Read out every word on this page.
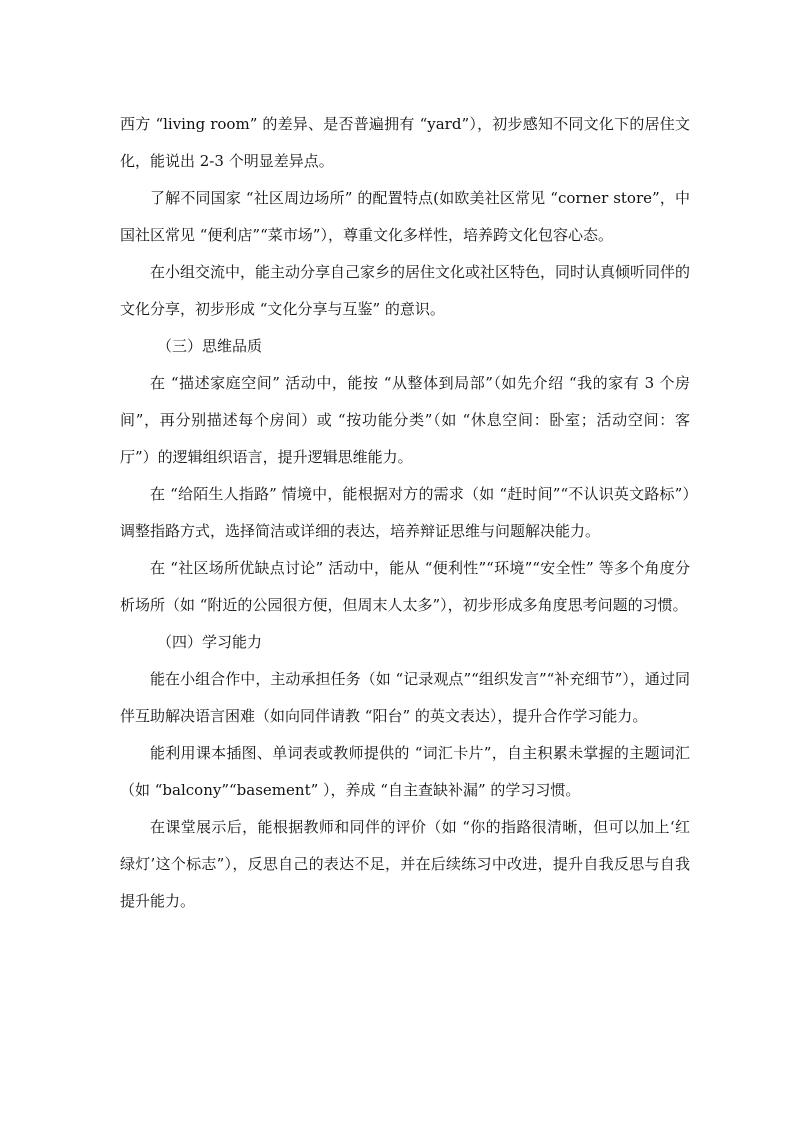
西方 “living room” 的差异、是否普遍拥有 “yard”），初步感知不同文化下的居住文化，能说出 2-3 个明显差异点。

了解不同国家 “社区周边场所” 的配置特点(如欧美社区常见 “corner store”，中国社区常见 “便利店”“菜市场”），尊重文化多样性，培养跨文化包容心态。

在小组交流中，能主动分享自己家乡的居住文化或社区特色，同时认真倾听同伴的文化分享，初步形成 “文化分享与互鉴” 的意识。

（三）思维品质

在 “描述家庭空间” 活动中，能按 “从整体到局部”（如先介绍 “我的家有 3 个房间”，再分别描述每个房间）或 “按功能分类”（如 “休息空间：卧室；活动空间：客厅”）的逻辑组织语言，提升逻辑思维能力。

在 “给陌生人指路” 情境中，能根据对方的需求（如 “赶时间”“不认识英文路标”）调整指路方式，选择简洁或详细的表达，培养辩证思维与问题解决能力。

在 “社区场所优缺点讨论” 活动中，能从 “便利性”“环境”“安全性” 等多个角度分析场所（如 “附近的公园很方便，但周末人太多”），初步形成多角度思考问题的习惯。

（四）学习能力

能在小组合作中，主动承担任务（如 “记录观点”“组织发言”“补充细节”），通过同伴互助解决语言困难（如向同伴请教 “阳台” 的英文表达），提升合作学习能力。

能利用课本插图、单词表或教师提供的 “词汇卡片”，自主积累未掌握的主题词汇（如 “balcony”“basement” ），养成 “自主查缺补漏” 的学习习惯。

在课堂展示后，能根据教师和同伴的评价（如 “你的指路很清晰，但可以加上‘红绿灯’这个标志”），反思自己的表达不足，并在后续练习中改进，提升自我反思与自我提升能力。
